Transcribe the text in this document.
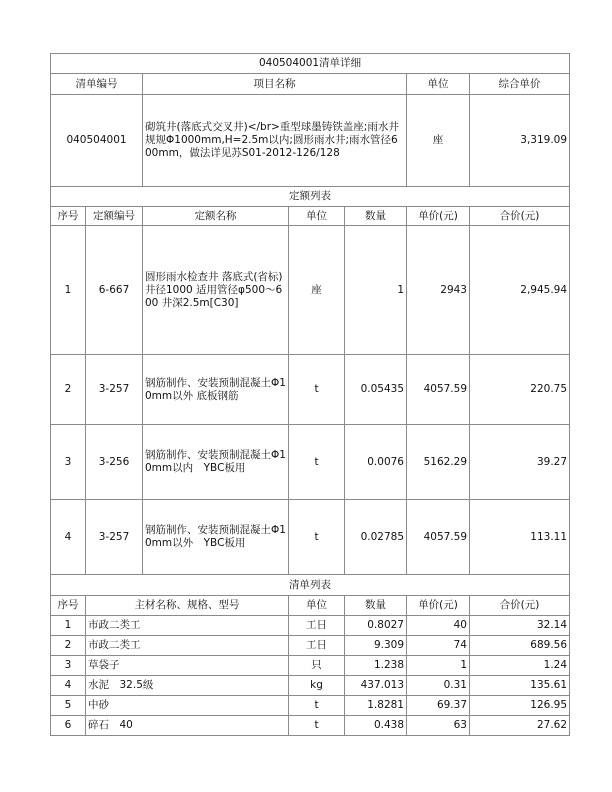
040504001清单详细						
清单编号		项目名称			单位	综合单价
040504001		砌筑井(落底式交叉井)</br>重型球墨铸铁盖座;雨水井规规Φ1000mm,H=2.5m以内;圆形雨水井;雨水管径600mm，做法详见苏S01-2012-126/128			座	3,319.09
定额列表						
序号	定额编号	定额名称	单位	数量	单价(元)	合价(元)
1	6-667	圆形雨水检查井 落底式(省标)井径1000 适用管径φ500～600 井深2.5m[C30]	座	1	2943	2,945.94
2	3-257	钢筋制作、安装预制混凝土Φ10mm以外 底板钢筋	t	0.05435	4057.59	220.75
3	3-256	钢筋制作、安装预制混凝土Φ10mm以内　YBC板用	t	0.0076	5162.29	39.27
4	3-257	钢筋制作、安装预制混凝土Φ10mm以外　YBC板用	t	0.02785	4057.59	113.11
清单列表						
序号	主材名称、规格、型号		单位	数量	单价(元)	合价(元)
1	市政二类工		工日	0.8027	40	32.14
2	市政二类工		工日	9.309	74	689.56
3	草袋子		只	1.238	1	1.24
4	水泥　32.5级		kg	437.013	0.31	135.61
5	中砂		t	1.8281	69.37	126.95
6	碎石　40		t	0.438	63	27.62
